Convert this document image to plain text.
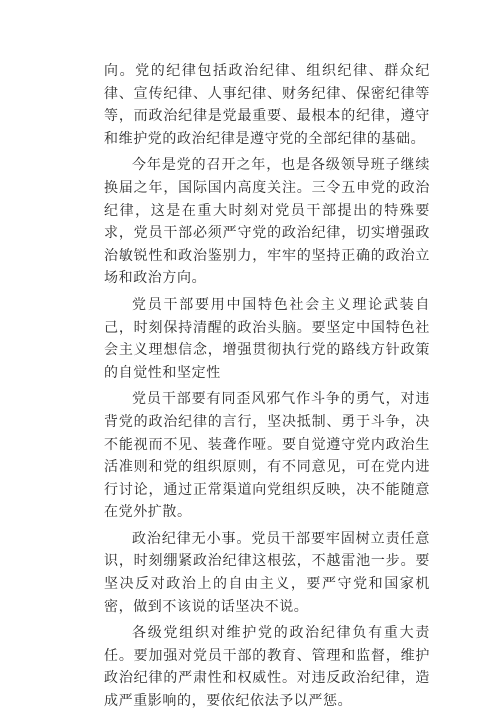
向。党的纪律包括政治纪律、组织纪律、群众纪律、宣传纪律、人事纪律、财务纪律、保密纪律等等，而政治纪律是党最重要、最根本的纪律，遵守和维护党的政治纪律是遵守党的全部纪律的基础。

今年是党的召开之年，也是各级领导班子继续换届之年，国际国内高度关注。三令五申党的政治纪律，这是在重大时刻对党员干部提出的特殊要求，党员干部必须严守党的政治纪律，切实增强政治敏锐性和政治鉴别力，牢牢的坚持正确的政治立场和政治方向。

党员干部要用中国特色社会主义理论武装自己，时刻保持清醒的政治头脑。要坚定中国特色社会主义理想信念，增强贯彻执行党的路线方针政策的自觉性和坚定性

党员干部要有同歪风邪气作斗争的勇气，对违背党的政治纪律的言行，坚决抵制、勇于斗争，决不能视而不见、装聋作哑。要自觉遵守党内政治生活准则和党的组织原则，有不同意见，可在党内进行讨论，通过正常渠道向党组织反映，决不能随意在党外扩散。

政治纪律无小事。党员干部要牢固树立责任意识，时刻绷紧政治纪律这根弦，不越雷池一步。要坚决反对政治上的自由主义，要严守党和国家机密，做到不该说的话坚决不说。

各级党组织对维护党的政治纪律负有重大责任。要加强对党员干部的教育、管理和监督，维护政治纪律的严肃性和权威性。对违反政治纪律，造成严重影响的，要依纪依法予以严惩。
